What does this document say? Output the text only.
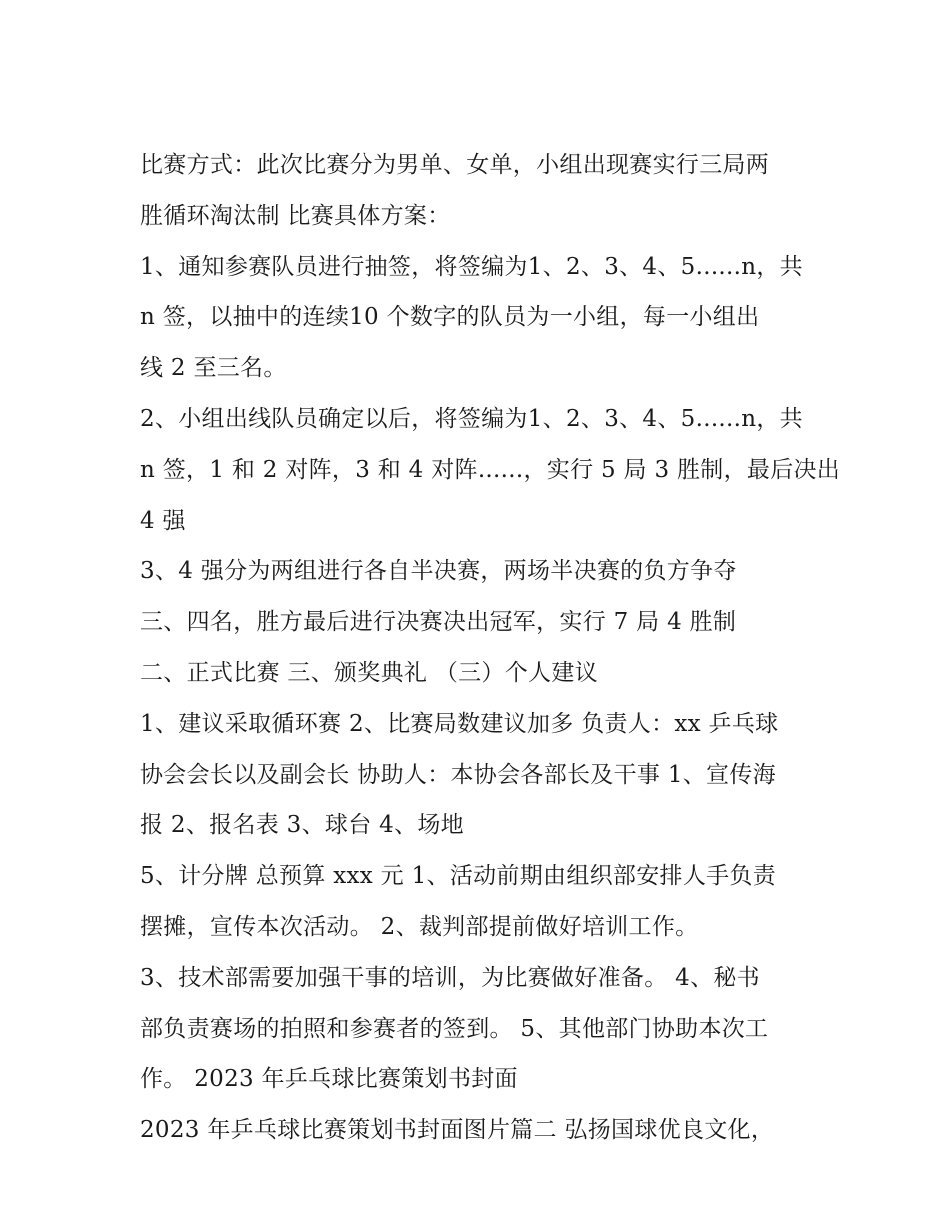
比赛方式：此次比赛分为男单、女单，小组出现赛实行三局两
胜循环淘汰制 比赛具体方案：
1、通知参赛队员进行抽签，将签编为1、2、3、4、5......n，共
n 签，以抽中的连续10 个数字的队员为一小组，每一小组出
线 2 至三名。
2、小组出线队员确定以后，将签编为1、2、3、4、5......n，共
n 签，1 和 2 对阵，3 和 4 对阵......，实行 5 局 3 胜制，最后决出
4 强
3、4 强分为两组进行各自半决赛，两场半决赛的负方争夺
三、四名，胜方最后进行决赛决出冠军，实行 7 局 4 胜制
二、正式比赛 三、颁奖典礼 （三）个人建议
1、建议采取循环赛 2、比赛局数建议加多 负责人：xx 乒乓球
协会会长以及副会长 协助人：本协会各部长及干事 1、宣传海
报 2、报名表 3、球台 4、场地
5、计分牌 总预算 xxx 元 1、活动前期由组织部安排人手负责
摆摊，宣传本次活动。 2、裁判部提前做好培训工作。
3、技术部需要加强干事的培训，为比赛做好准备。 4、秘书
部负责赛场的拍照和参赛者的签到。 5、其他部门协助本次工
作。 2023 年乒乓球比赛策划书封面
2023 年乒乓球比赛策划书封面图片篇二 弘扬国球优良文化，
